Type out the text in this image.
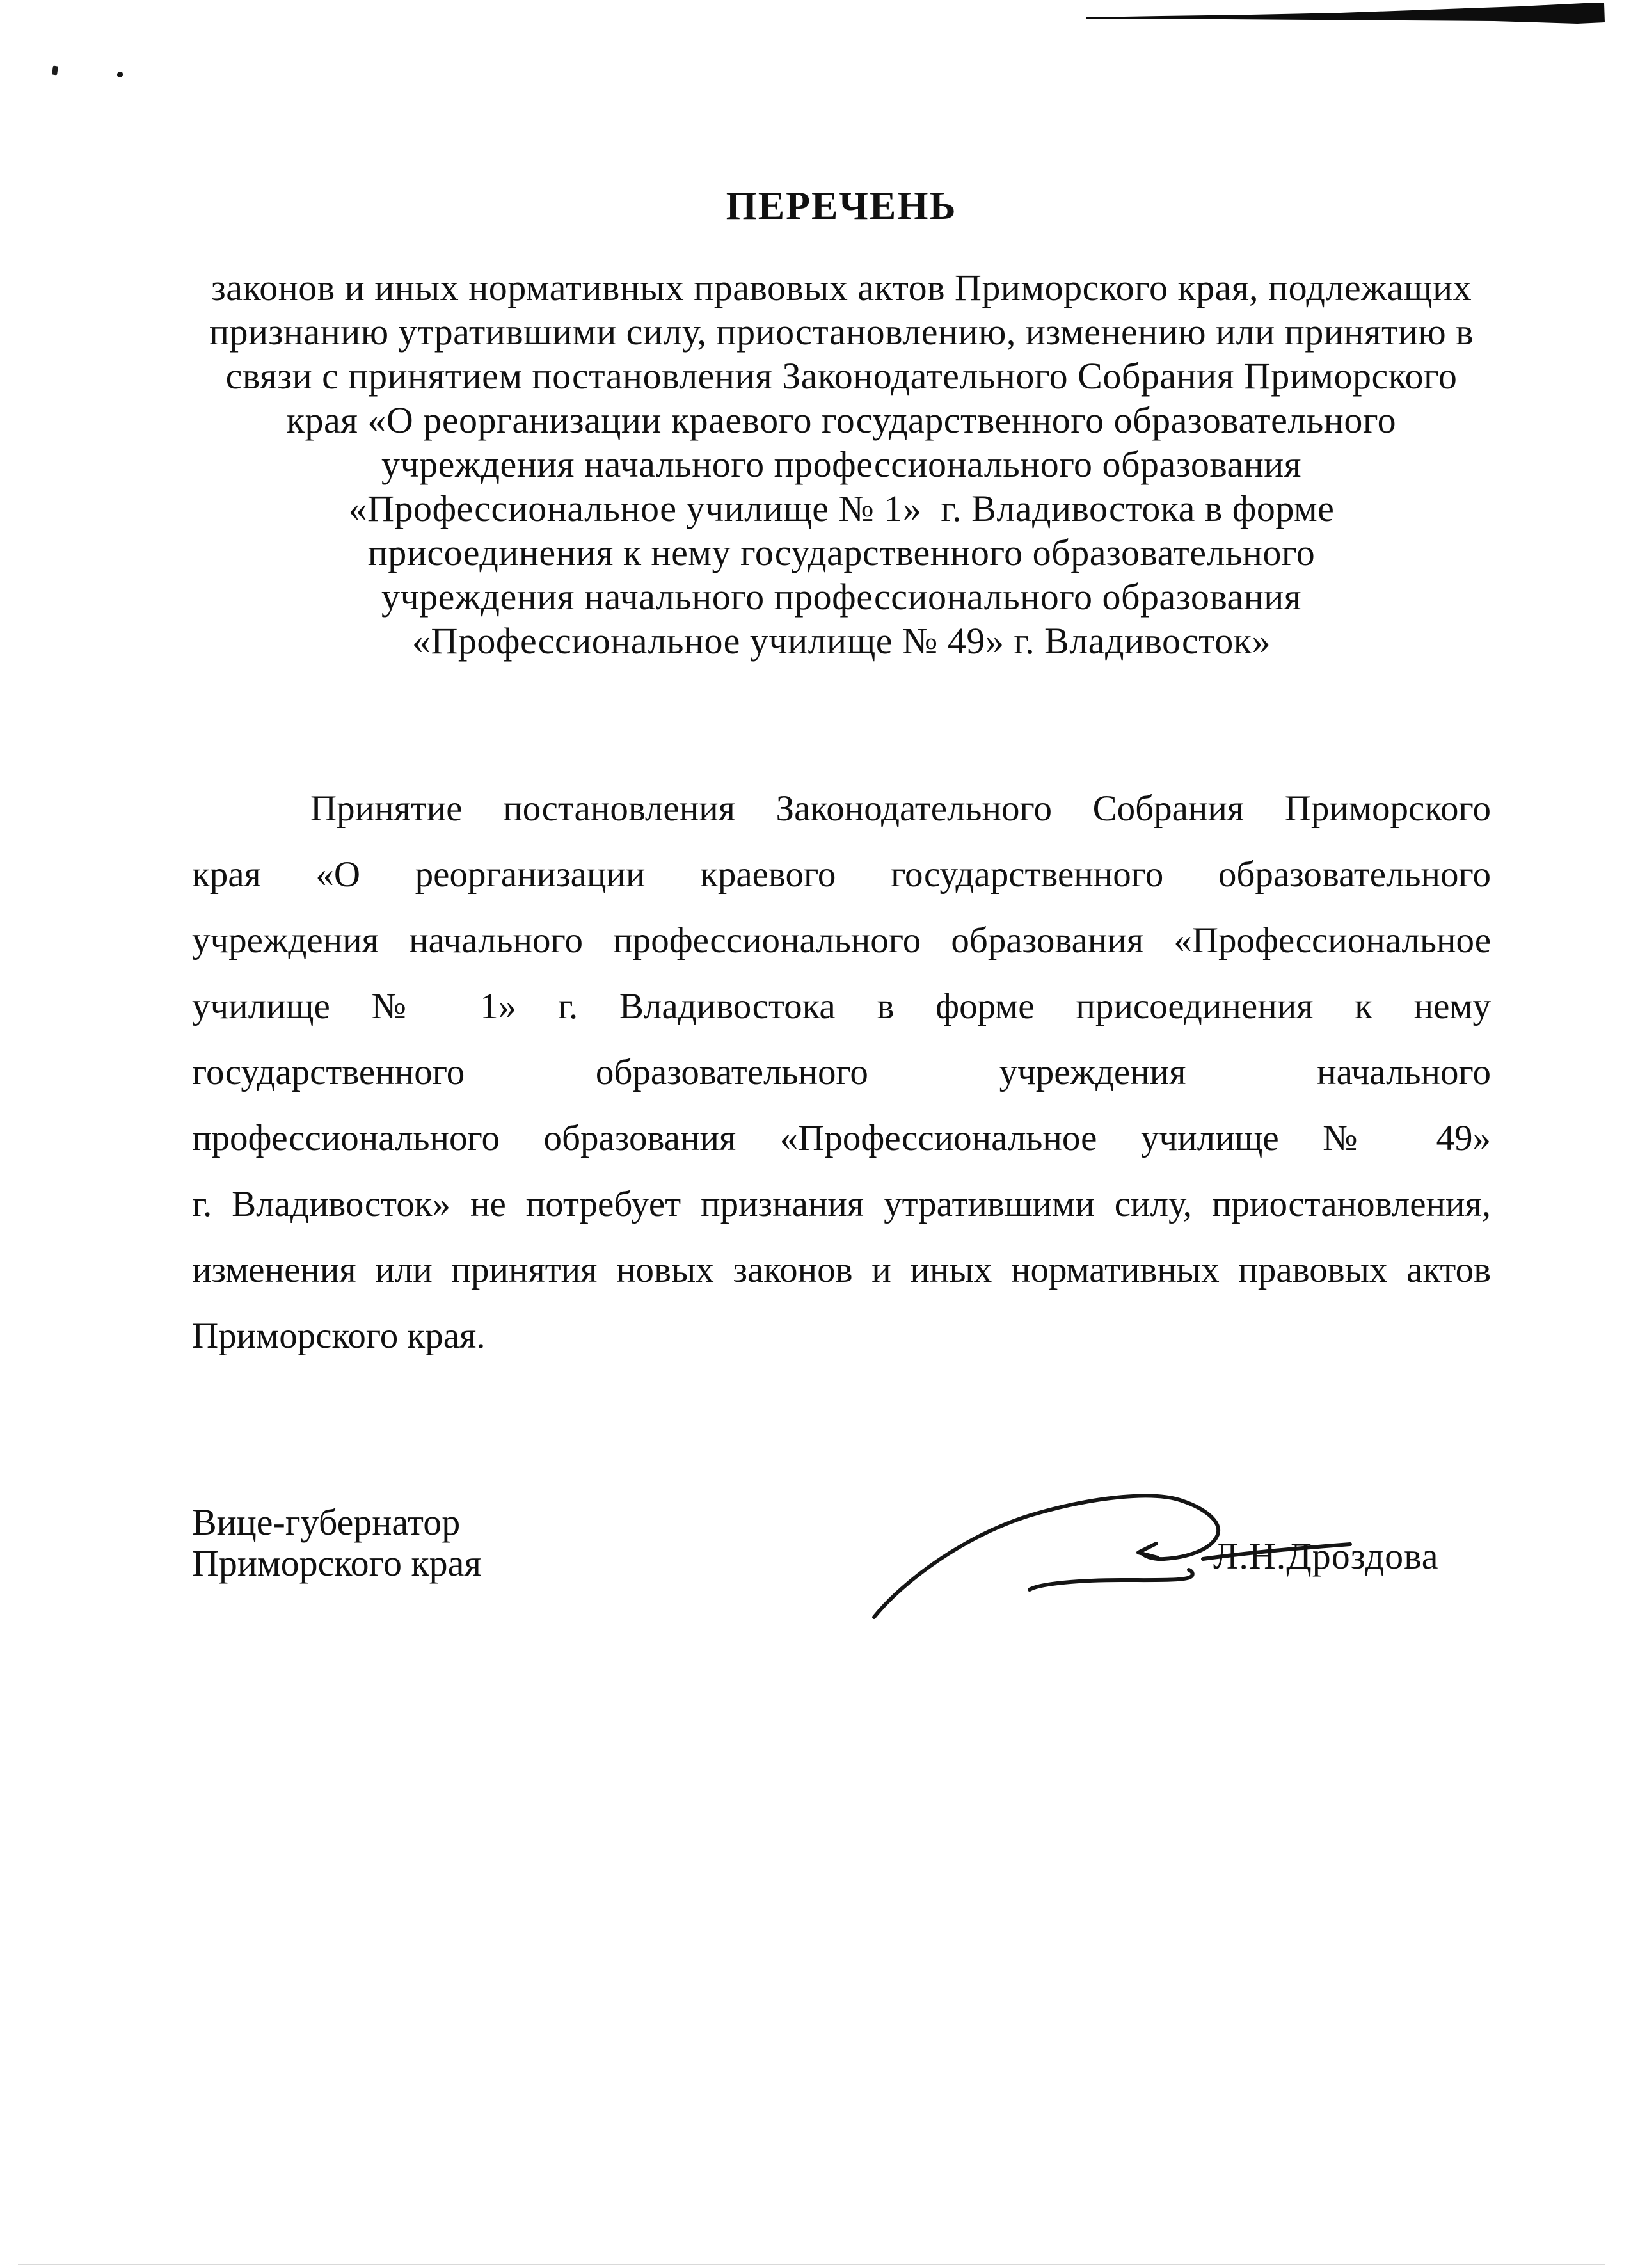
ПЕРЕЧЕНЬ
законов и иных нормативных правовых актов Приморского края, подлежащих
признанию утратившими силу, приостановлению, изменению или принятию в
связи с принятием постановления Законодательного Собрания Приморского
края «О реорганизации краевого государственного образовательного
учреждения начального профессионального образования
«Профессиональное училище № 1»  г. Владивостока в форме
присоединения к нему государственного образовательного
учреждения начального профессионального образования
«Профессиональное училище № 49» г. Владивосток»
Принятие постановления Законодательного Собрания Приморского
края «О реорганизации краевого государственного образовательного
учреждения начального профессионального образования «Профессиональное
училище № 1» г. Владивостока в форме присоединения к нему
государственного образовательного учреждения начального
профессионального образования «Профессиональное училище № 49»
г. Владивосток» не потребует признания утратившими силу, приостановления,
изменения или принятия новых законов и иных нормативных правовых актов
Приморского края.
Вице-губернатор
Приморского края	Л.Н.Дроздова
